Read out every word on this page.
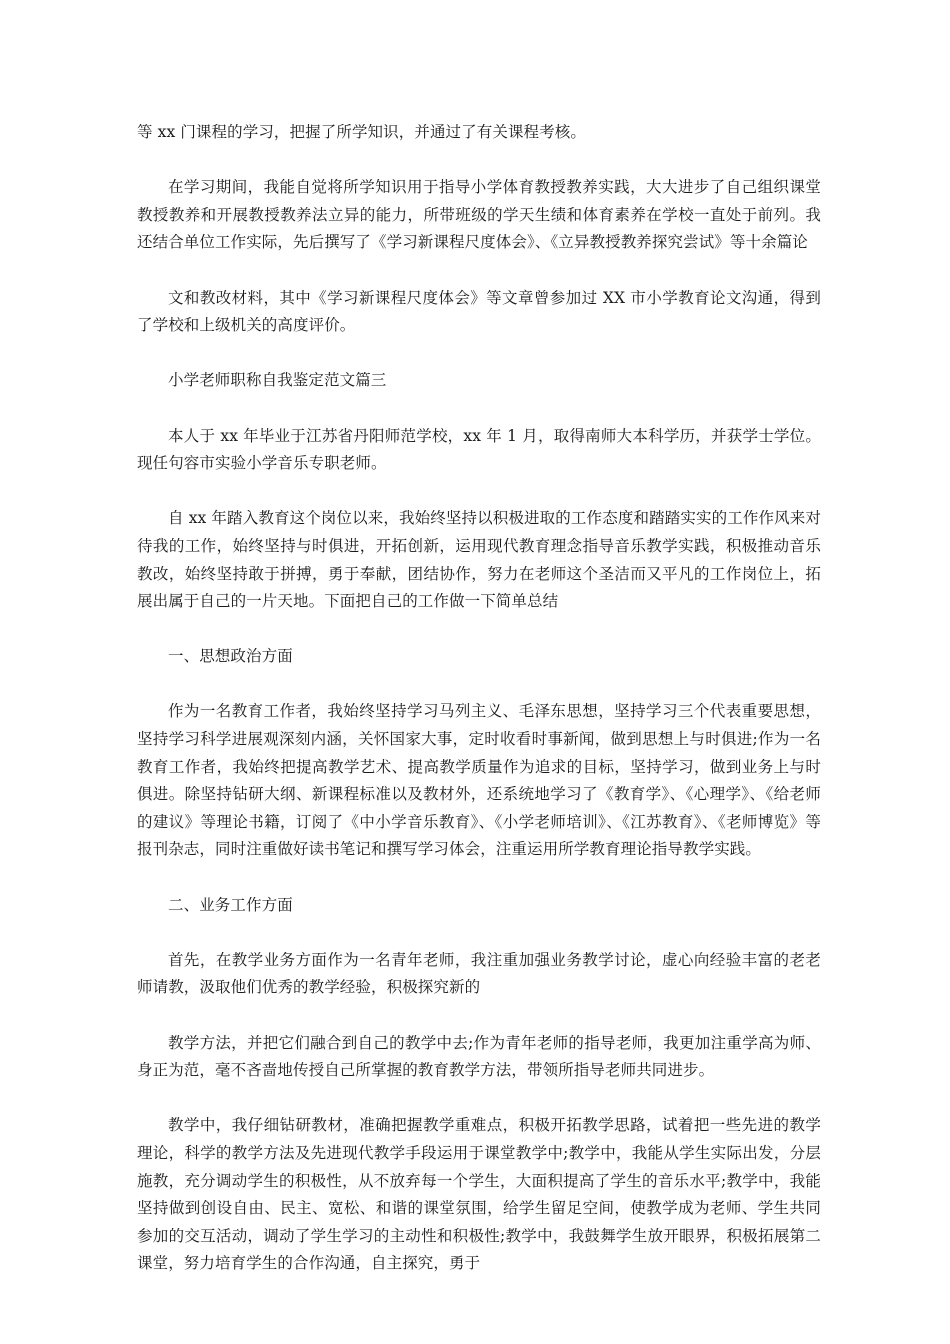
等 xx 门课程的学习，把握了所学知识，并通过了有关课程考核。

在学习期间，我能自觉将所学知识用于指导小学体育教授教养实践，大大进步了自己组织课堂教授教养和开展教授教养法立异的能力，所带班级的学天生绩和体育素养在学校一直处于前列。我还结合单位工作实际，先后撰写了《学习新课程尺度体会》、《立异教授教养探究尝试》等十余篇论

文和教改材料，其中《学习新课程尺度体会》等文章曾参加过 XX 市小学教育论文沟通，得到了学校和上级机关的高度评价。

小学老师职称自我鉴定范文篇三

本人于 xx 年毕业于江苏省丹阳师范学校，xx 年 1 月，取得南师大本科学历，并获学士学位。现任句容市实验小学音乐专职老师。

自 xx 年踏入教育这个岗位以来，我始终坚持以积极进取的工作态度和踏踏实实的工作作风来对待我的工作，始终坚持与时俱进，开拓创新，运用现代教育理念指导音乐教学实践，积极推动音乐教改，始终坚持敢于拼搏，勇于奉献，团结协作，努力在老师这个圣洁而又平凡的工作岗位上，拓展出属于自己的一片天地。下面把自己的工作做一下简单总结

一、思想政治方面

作为一名教育工作者，我始终坚持学习马列主义、毛泽东思想，坚持学习三个代表重要思想，坚持学习科学进展观深刻内涵，关怀国家大事，定时收看时事新闻，做到思想上与时俱进;作为一名教育工作者，我始终把提高教学艺术、提高教学质量作为追求的目标，坚持学习，做到业务上与时俱进。除坚持钻研大纲、新课程标准以及教材外，还系统地学习了《教育学》、《心理学》、《给老师的建议》等理论书籍，订阅了《中小学音乐教育》、《小学老师培训》、《江苏教育》、《老师博览》等报刊杂志，同时注重做好读书笔记和撰写学习体会，注重运用所学教育理论指导教学实践。

二、业务工作方面

首先，在教学业务方面作为一名青年老师，我注重加强业务教学讨论，虚心向经验丰富的老老师请教，汲取他们优秀的教学经验，积极探究新的

教学方法，并把它们融合到自己的教学中去;作为青年老师的指导老师，我更加注重学高为师、身正为范，毫不吝啬地传授自己所掌握的教育教学方法，带领所指导老师共同进步。

教学中，我仔细钻研教材，准确把握教学重难点，积极开拓教学思路，试着把一些先进的教学理论，科学的教学方法及先进现代教学手段运用于课堂教学中;教学中，我能从学生实际出发，分层施教，充分调动学生的积极性，从不放弃每一个学生，大面积提高了学生的音乐水平;教学中，我能坚持做到创设自由、民主、宽松、和谐的课堂氛围，给学生留足空间，使教学成为老师、学生共同参加的交互活动，调动了学生学习的主动性和积极性;教学中，我鼓舞学生放开眼界，积极拓展第二课堂，努力培育学生的合作沟通，自主探究，勇于
